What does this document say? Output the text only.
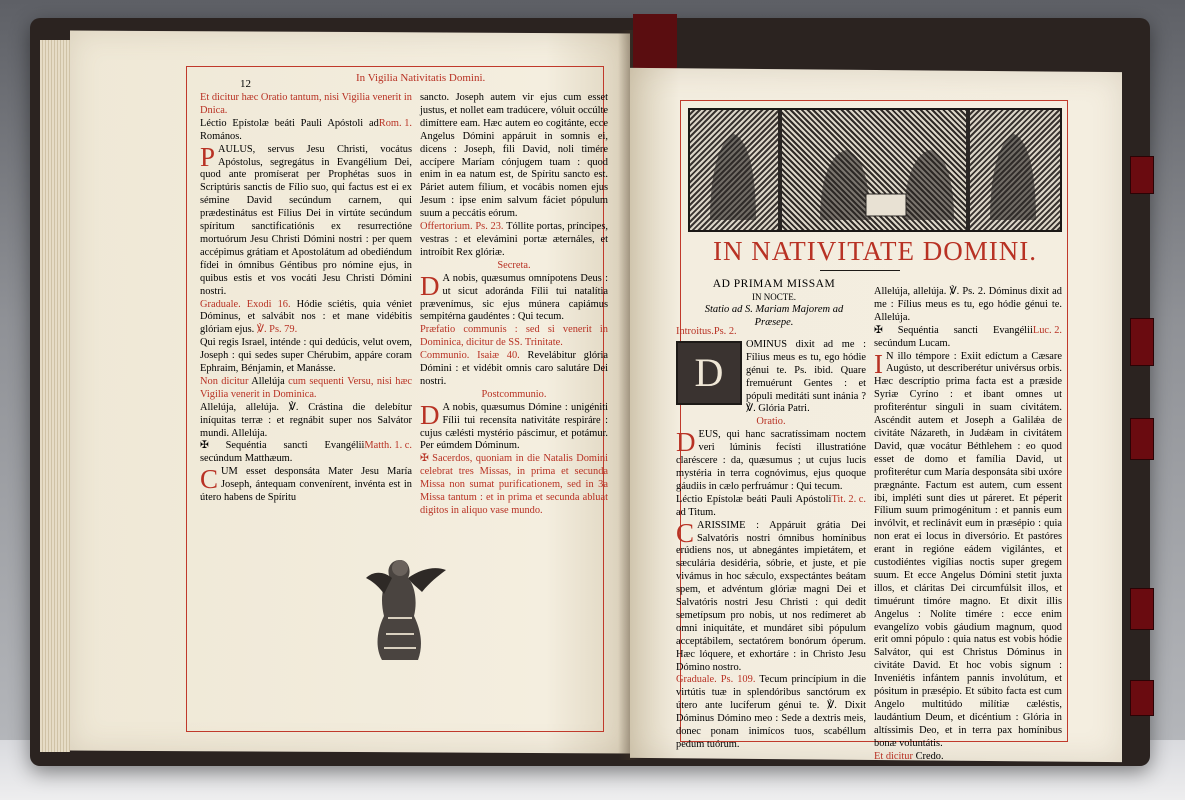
12	In Vigilia Nativitatis Domini.

Et dicitur hæc Oratio tantum, nisi Vigilia venerit in Dnica.

Rom. 1.
Léctio Epístolæ beáti Pauli Apóstoli ad Romános.

PAULUS, servus Jesu Christi, vocátus Apóstolus, segregátus in Evangélium Dei, quod ante promíserat per Prophétas suos in Scriptúris sanctis de Fílio suo, qui factus est ei ex sémine David secúndum carnem, qui prædestinátus est Fílius Dei in virtúte secúndum spíritum sanctificatiónis ex resurrectióne mortuórum Jesu Christi Dómini nostri : per quem accépimus grátiam et Apostolátum ad obediéndum fídei in ómnibus Géntibus pro nómine ejus, in quibus estis et vos vocáti Jesu Christi Dómini nostri.

Graduale. Exodi 16. Hódie sciétis, quia véniet Dóminus, et salvábit nos : et mane vidébitis glóriam ejus. ℣. Ps. 79.

Qui regis Israel, inténde : qui dedúcis, velut ovem, Joseph : qui sedes super Chérubim, appáre coram Ephraim, Bénjamin, et Manásse.

Non dicitur Allelúja cum sequenti Versu, nisi hæc Vigilia venerit in Dominica.

Allelúja, allelúja. ℣. Crástina die delebítur iníquitas terræ : et regnábit super nos Salvátor mundi. Allelúja.

Matth. 1. c.
✠ Sequéntia sancti Evangélii secúndum Matthæum.

CUM esset desponsáta Mater Jesu María Joseph, ántequam convenírent, invénta est in útero habens de Spíritu

sancto. Joseph autem vir ejus cum esset justus, et nollet eam tradúcere, vóluit occúlte dimíttere eam. Hæc autem eo cogitánte, ecce Angelus Dómini appáruit in somnis ei, dicens : Joseph, fili David, noli timére accípere Maríam cónjugem tuam : quod enim in ea natum est, de Spíritu sancto est. Páriet autem fílium, et vocábis nomen ejus Jesum : ipse enim salvum fáciet pópulum suum a peccátis eórum.

Offertorium. Ps. 23. Tóllite portas, príncipes, vestras : et elevámini portæ æternáles, et introíbit Rex glóriæ.

Secreta.

D A nobis, quæsumus omnípotens Deus : ut sicut adoránda Fílii tui natalítia prævenímus, sic ejus múnera capiámus sempitérna gaudéntes : Qui tecum.

Præfatio communis : sed si venerit in Dominica, dicitur de SS. Trinitate.

Communio. Isaiæ 40. Revelábitur glória Dómini : et vidébit omnis caro salutáre Dei nostri.

Postcommunio.

D A nobis, quæsumus Dómine : unigéniti Fílii tui recensíta nativitáte respiráre : cujus cælésti mystério páscimur, et potámur. Per eúmdem Dóminum.

✠ Sacerdos, quoniam in die Natalis Domini celebrat tres Missas, in prima et secunda Missa non sumat purificationem, sed in 3a Missa tantum : et in prima et secunda abluat digitos in aliquo vase mundo.

IN NATIVITATE DOMINI.

AD PRIMAM MISSAM

IN NOCTE.

Statio ad S. Mariam Majorem ad Præsepe.

Introitus.Ps. 2.

D
OMINUS dixit ad me : Fílius meus es tu, ego hódie génui te. Ps. ibid. Quare fremuérunt Gentes : et pópuli meditáti sunt inánia ? ℣. Glória Patri.

Oratio.

DEUS, qui hanc sacratíssimam noctem veri lúminis fecísti illustratióne claréscere : da, quæsumus ; ut cujus lucis mystéria in terra cognóvimus, ejus quoque gáudiis in cælo perfruámur : Qui tecum.

Tit. 2. c.
Léctio Epístolæ beáti Pauli Apóstoli ad Titum.

CARISSIME : Appáruit grátia Dei Salvatóris nostri ómnibus homínibus erúdiens nos, ut abnegántes impietátem, et sæculária desidéria, sóbrie, et juste, et pie vivámus in hoc sǽculo, exspectántes beátam spem, et advéntum glóriæ magni Dei et Salvatóris nostri Jesu Christi : qui dedit semetípsum pro nobis, ut nos redímeret ab omni iniquitáte, et mundáret sibi pópulum acceptábilem, sectatórem bonórum óperum. Hæc lóquere, et exhortáre : in Christo Jesu Dómino nostro.

Graduale. Ps. 109. Tecum princípium in die virtútis tuæ in splendóribus sanctórum ex útero ante lucíferum génui te. ℣. Dixit Dóminus Dómino meo : Sede a dextris meis, donec ponam inimícos tuos, scabéllum pedum tuórum.

Allelúja, allelúja. ℣. Ps. 2. Dóminus dixit ad me : Fílius meus es tu, ego hódie génui te. Allelúja.

Luc. 2.
✠ Sequéntia sancti Evangélii secúndum Lucam.

I N illo témpore : Exiit edíctum a Cæsare Augústo, ut describerétur univérsus orbis. Hæc descríptio prima facta est a præside Syriæ Cyríno : et ibant omnes ut profiteréntur singuli in suam civitátem. Ascéndit autem et Joseph a Galilǽa de civitáte Názareth, in Judǽam in civitátem David, quæ vocátur Béthlehem : eo quod esset de domo et família David, ut profiterétur cum María desponsáta sibi uxóre prægnánte. Factum est autem, cum essent ibi, impléti sunt dies ut páreret. Et péperit Fílium suum primogénitum : et pannis eum invólvit, et reclinávit eum in præsépio : quia non erat ei locus in diversório. Et pastóres erant in regióne eádem vigilántes, et custodiéntes vigílias noctis super gregem suum. Et ecce Angelus Dómini stetit juxta illos, et cláritas Dei circumfúlsit illos, et timuérunt timóre magno. Et dixit illis Angelus : Nolíte timére : ecce enim evangelízo vobis gáudium magnum, quod erit omni pópulo : quia natus est vobis hódie Salvátor, qui est Christus Dóminus in civitáte David. Et hoc vobis signum : Inveniétis infántem pannis involútum, et pósitum in præsépio. Et súbito facta est cum Angelo multitúdo milítiæ cæléstis, laudántium Deum, et dicéntium : Glória in altíssimis Deo, et in terra pax homínibus bonæ voluntátis.

Et dicitur Credo.
